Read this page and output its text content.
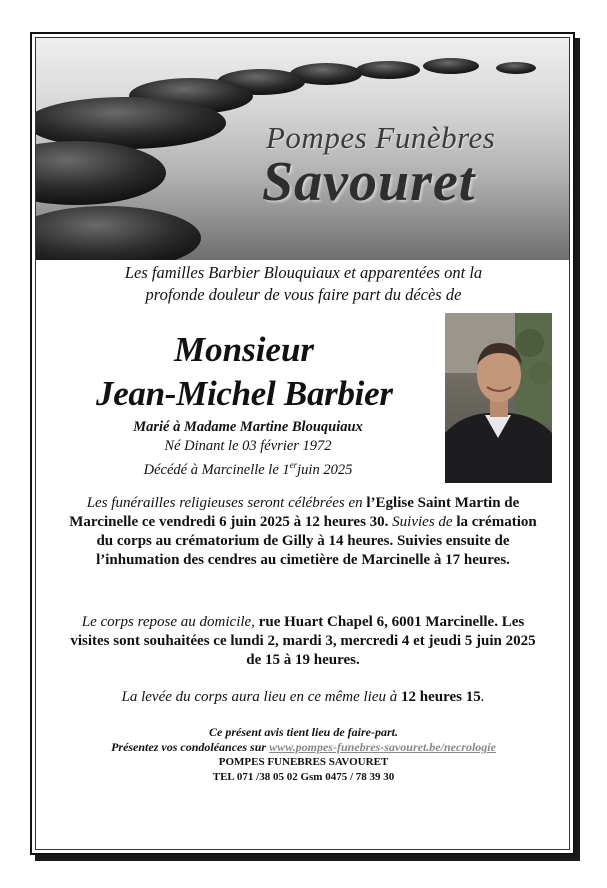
Pompes Funèbres
Savouret
Les familles Barbier Blouquiaux et apparentées ont la
profonde douleur de vous faire part du décès de
Monsieur
Jean-Michel Barbier
Marié à Madame Martine Blouquiaux
Né Dinant le 03 février 1972
Décédé à Marcinelle le 1erjuin 2025
Les funérailles religieuses seront célébrées en l’Eglise Saint Martin de Marcinelle ce vendredi 6 juin 2025 à 12 heures 30. Suivies de la crémation du corps au crématorium de Gilly à 14 heures. Suivies ensuite de l’inhumation des cendres au cimetière de Marcinelle à 17 heures.
Le corps repose au domicile, rue Huart Chapel 6, 6001 Marcinelle. Les visites sont souhaitées ce lundi 2, mardi 3, mercredi 4 et jeudi 5 juin 2025 de 15 à 19 heures.
La levée du corps aura lieu en ce même lieu à 12 heures 15.
Ce présent avis tient lieu de faire-part.
Présentez vos condoléances sur www.pompes-funebres-savouret.be/necrologie
POMPES FUNEBRES SAVOURET
TEL 071 /38 05 02 Gsm 0475 / 78 39 30
